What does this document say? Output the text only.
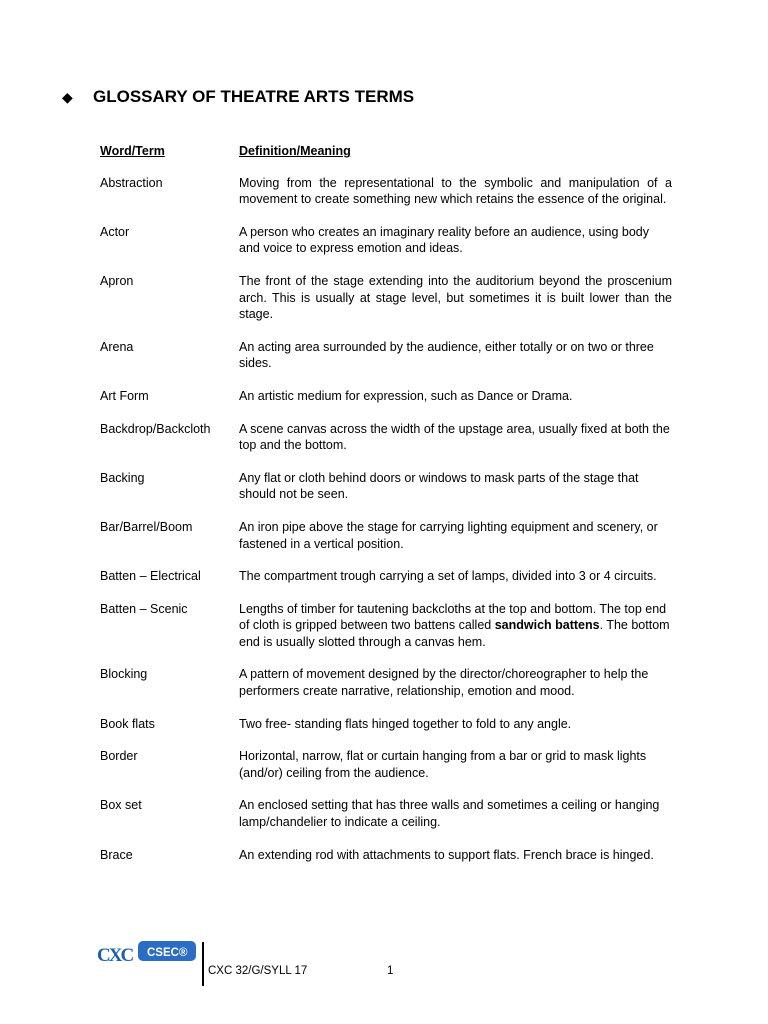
◆	GLOSSARY OF THEATRE ARTS TERMS
Word/Term	Definition/Meaning
Abstraction	Moving from the representational to the symbolic and manipulation of a movement to create something new which retains the essence of the original.
Actor	A person who creates an imaginary reality before an audience, using body and voice to express emotion and ideas.
Apron	The front of the stage extending into the auditorium beyond the proscenium arch. This is usually at stage level, but sometimes it is built lower than the stage.
Arena	An acting area surrounded by the audience, either totally or on two or three sides.
Art Form	An artistic medium for expression, such as Dance or Drama.
Backdrop/Backcloth	A scene canvas across the width of the upstage area, usually fixed at both the top and the bottom.
Backing	Any flat or cloth behind doors or windows to mask parts of the stage that should not be seen.
Bar/Barrel/Boom	An iron pipe above the stage for carrying lighting equipment and scenery, or fastened in a vertical position.
Batten – Electrical	The compartment trough carrying a set of lamps, divided into 3 or 4 circuits.
Batten – Scenic	Lengths of timber for tautening backcloths at the top and bottom. The top end of cloth is gripped between two battens called sandwich battens. The bottom end is usually slotted through a canvas hem.
Blocking	A pattern of movement designed by the director/choreographer to help the performers create narrative, relationship, emotion and mood.
Book flats	Two free- standing flats hinged together to fold to any angle.
Border	Horizontal, narrow, flat or curtain hanging from a bar or grid to mask lights (and/or) ceiling from the audience.
Box set	An enclosed setting that has three walls and sometimes a ceiling or hanging lamp/chandelier to indicate a ceiling.
Brace	An extending rod with attachments to support flats. French brace is hinged.
CXC CSEC®
CXC 32/G/SYLL 17	1
